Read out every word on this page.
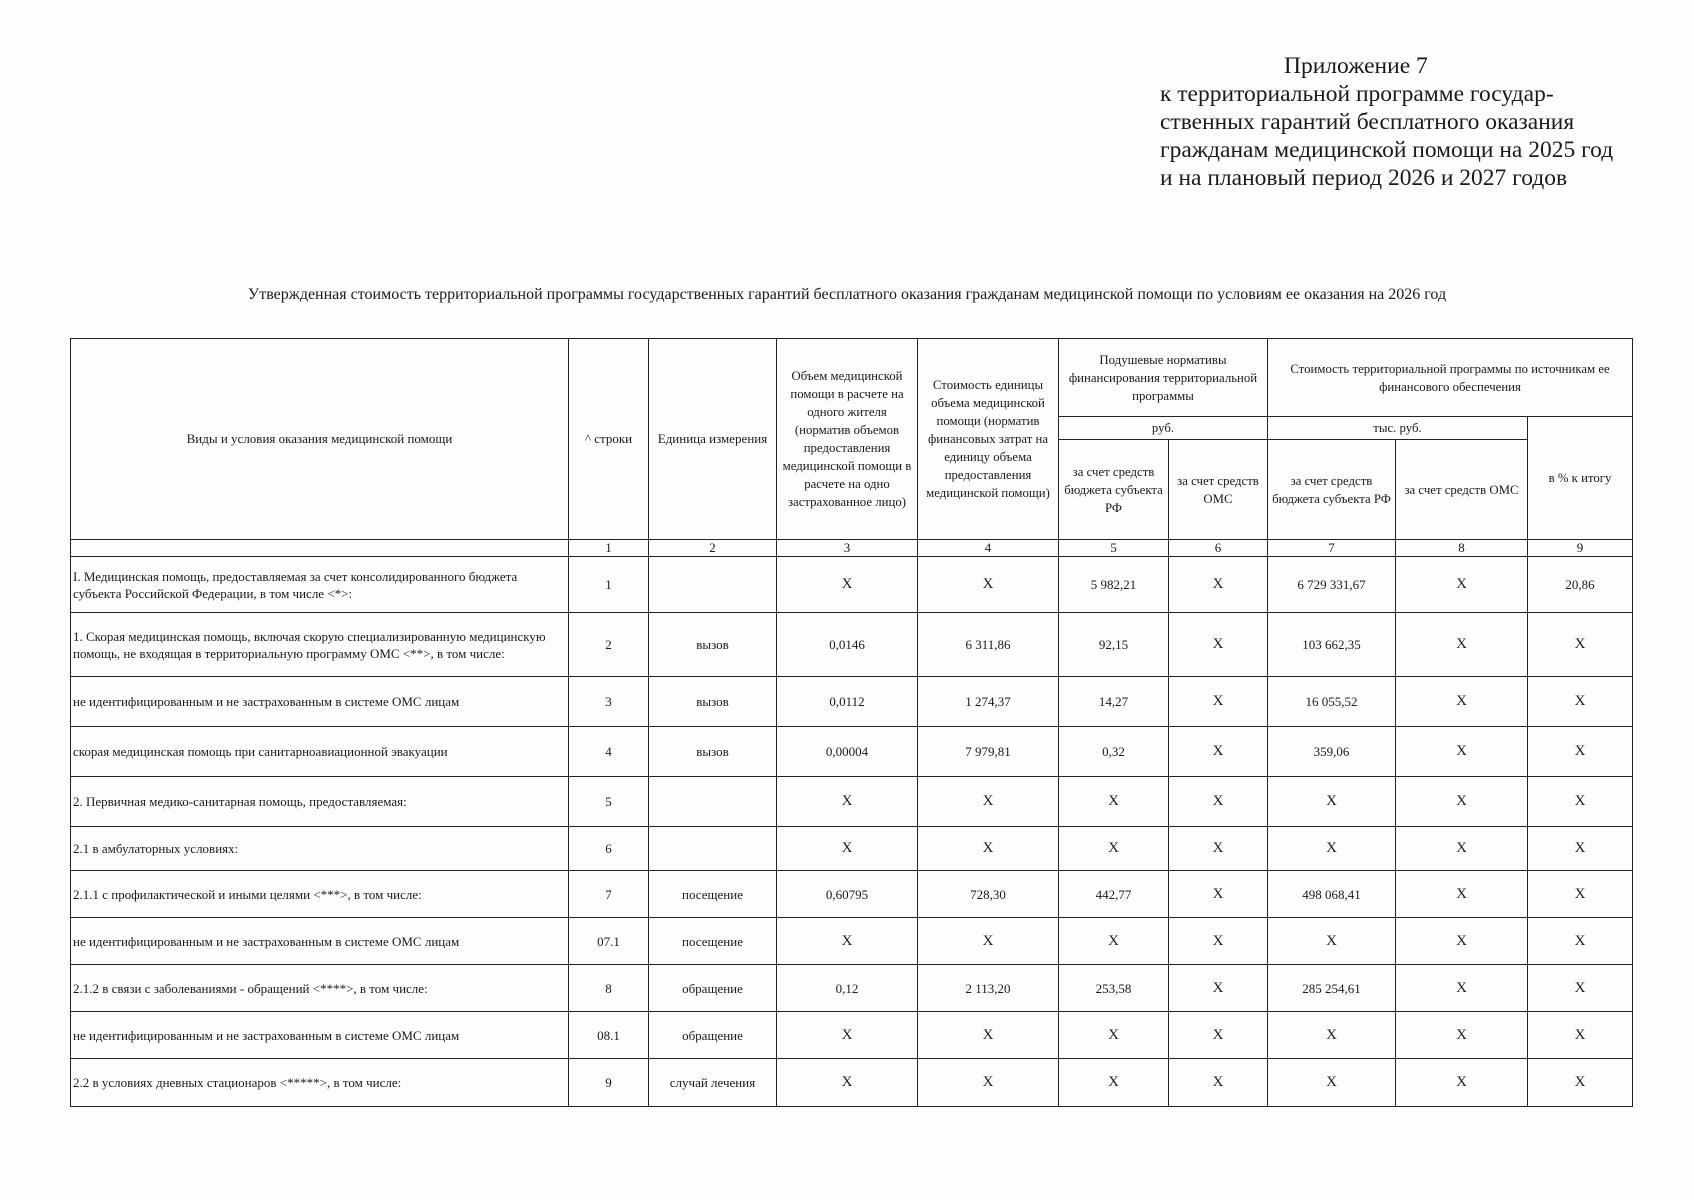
Приложение 7
к территориальной программе государ-
ственных гарантий бесплатного оказания
гражданам медицинской помощи на 2025 год
и на плановый период 2026 и 2027 годов
Утвержденная стоимость территориальной программы государственных гарантий бесплатного оказания гражданам медицинской помощи по условиям ее оказания на 2026 год
Виды и условия оказания медицинской помощи	^ строки	Единица измерения	Объем медицинской помощи в расчете на одного жителя (норматив объемов предоставления медицинской помощи в расчете на одно застрахованное лицо)	Стоимость единицы объема медицинской помощи (норматив финансовых затрат на единицу объема предоставления медицинской помощи)	Подушевые нормативы финансирования территориальной программы		Стоимость территориальной программы по источникам ее финансового обеспечения		
					руб.		тыс. руб.		в % к итогу
					за счет средств бюджета субъекта РФ	за счет средств ОМС	за счет средств бюджета субъекта РФ	за счет средств ОМС	
	1	2	3	4	5	6	7	8	9
I. Медицинская помощь, предоставляемая за счет консолидированного бюджета субъекта Российской Федерации, в том числе <*>:	1		X	X	5 982,21	X	6 729 331,67	X	20,86
1. Скорая медицинская помощь, включая скорую специализированную медицинскую помощь, не входящая в территориальную программу ОМС <**>, в том числе:	2	вызов	0,0146	6 311,86	92,15	X	103 662,35	X	X
не идентифицированным и не застрахованным в системе ОМС лицам	3	вызов	0,0112	1 274,37	14,27	X	16 055,52	X	X
скорая медицинская помощь при санитарноавиационной эвакуации	4	вызов	0,00004	7 979,81	0,32	X	359,06	X	X
2. Первичная медико-санитарная помощь, предоставляемая:	5		X	X	X	X	X	X	X
2.1 в амбулаторных условиях:	6		X	X	X	X	X	X	X
2.1.1 с профилактической и иными целями <***>, в том числе:	7	посещение	0,60795	728,30	442,77	X	498 068,41	X	X
не идентифицированным и не застрахованным в системе ОМС лицам	07.1	посещение	X	X	X	X	X	X	X
2.1.2 в связи с заболеваниями - обращений <****>, в том числе:	8	обращение	0,12	2 113,20	253,58	X	285 254,61	X	X
не идентифицированным и не застрахованным в системе ОМС лицам	08.1	обращение	X	X	X	X	X	X	X
2.2 в условиях дневных стационаров <*****>, в том числе:	9	случай лечения	X	X	X	X	X	X	X
